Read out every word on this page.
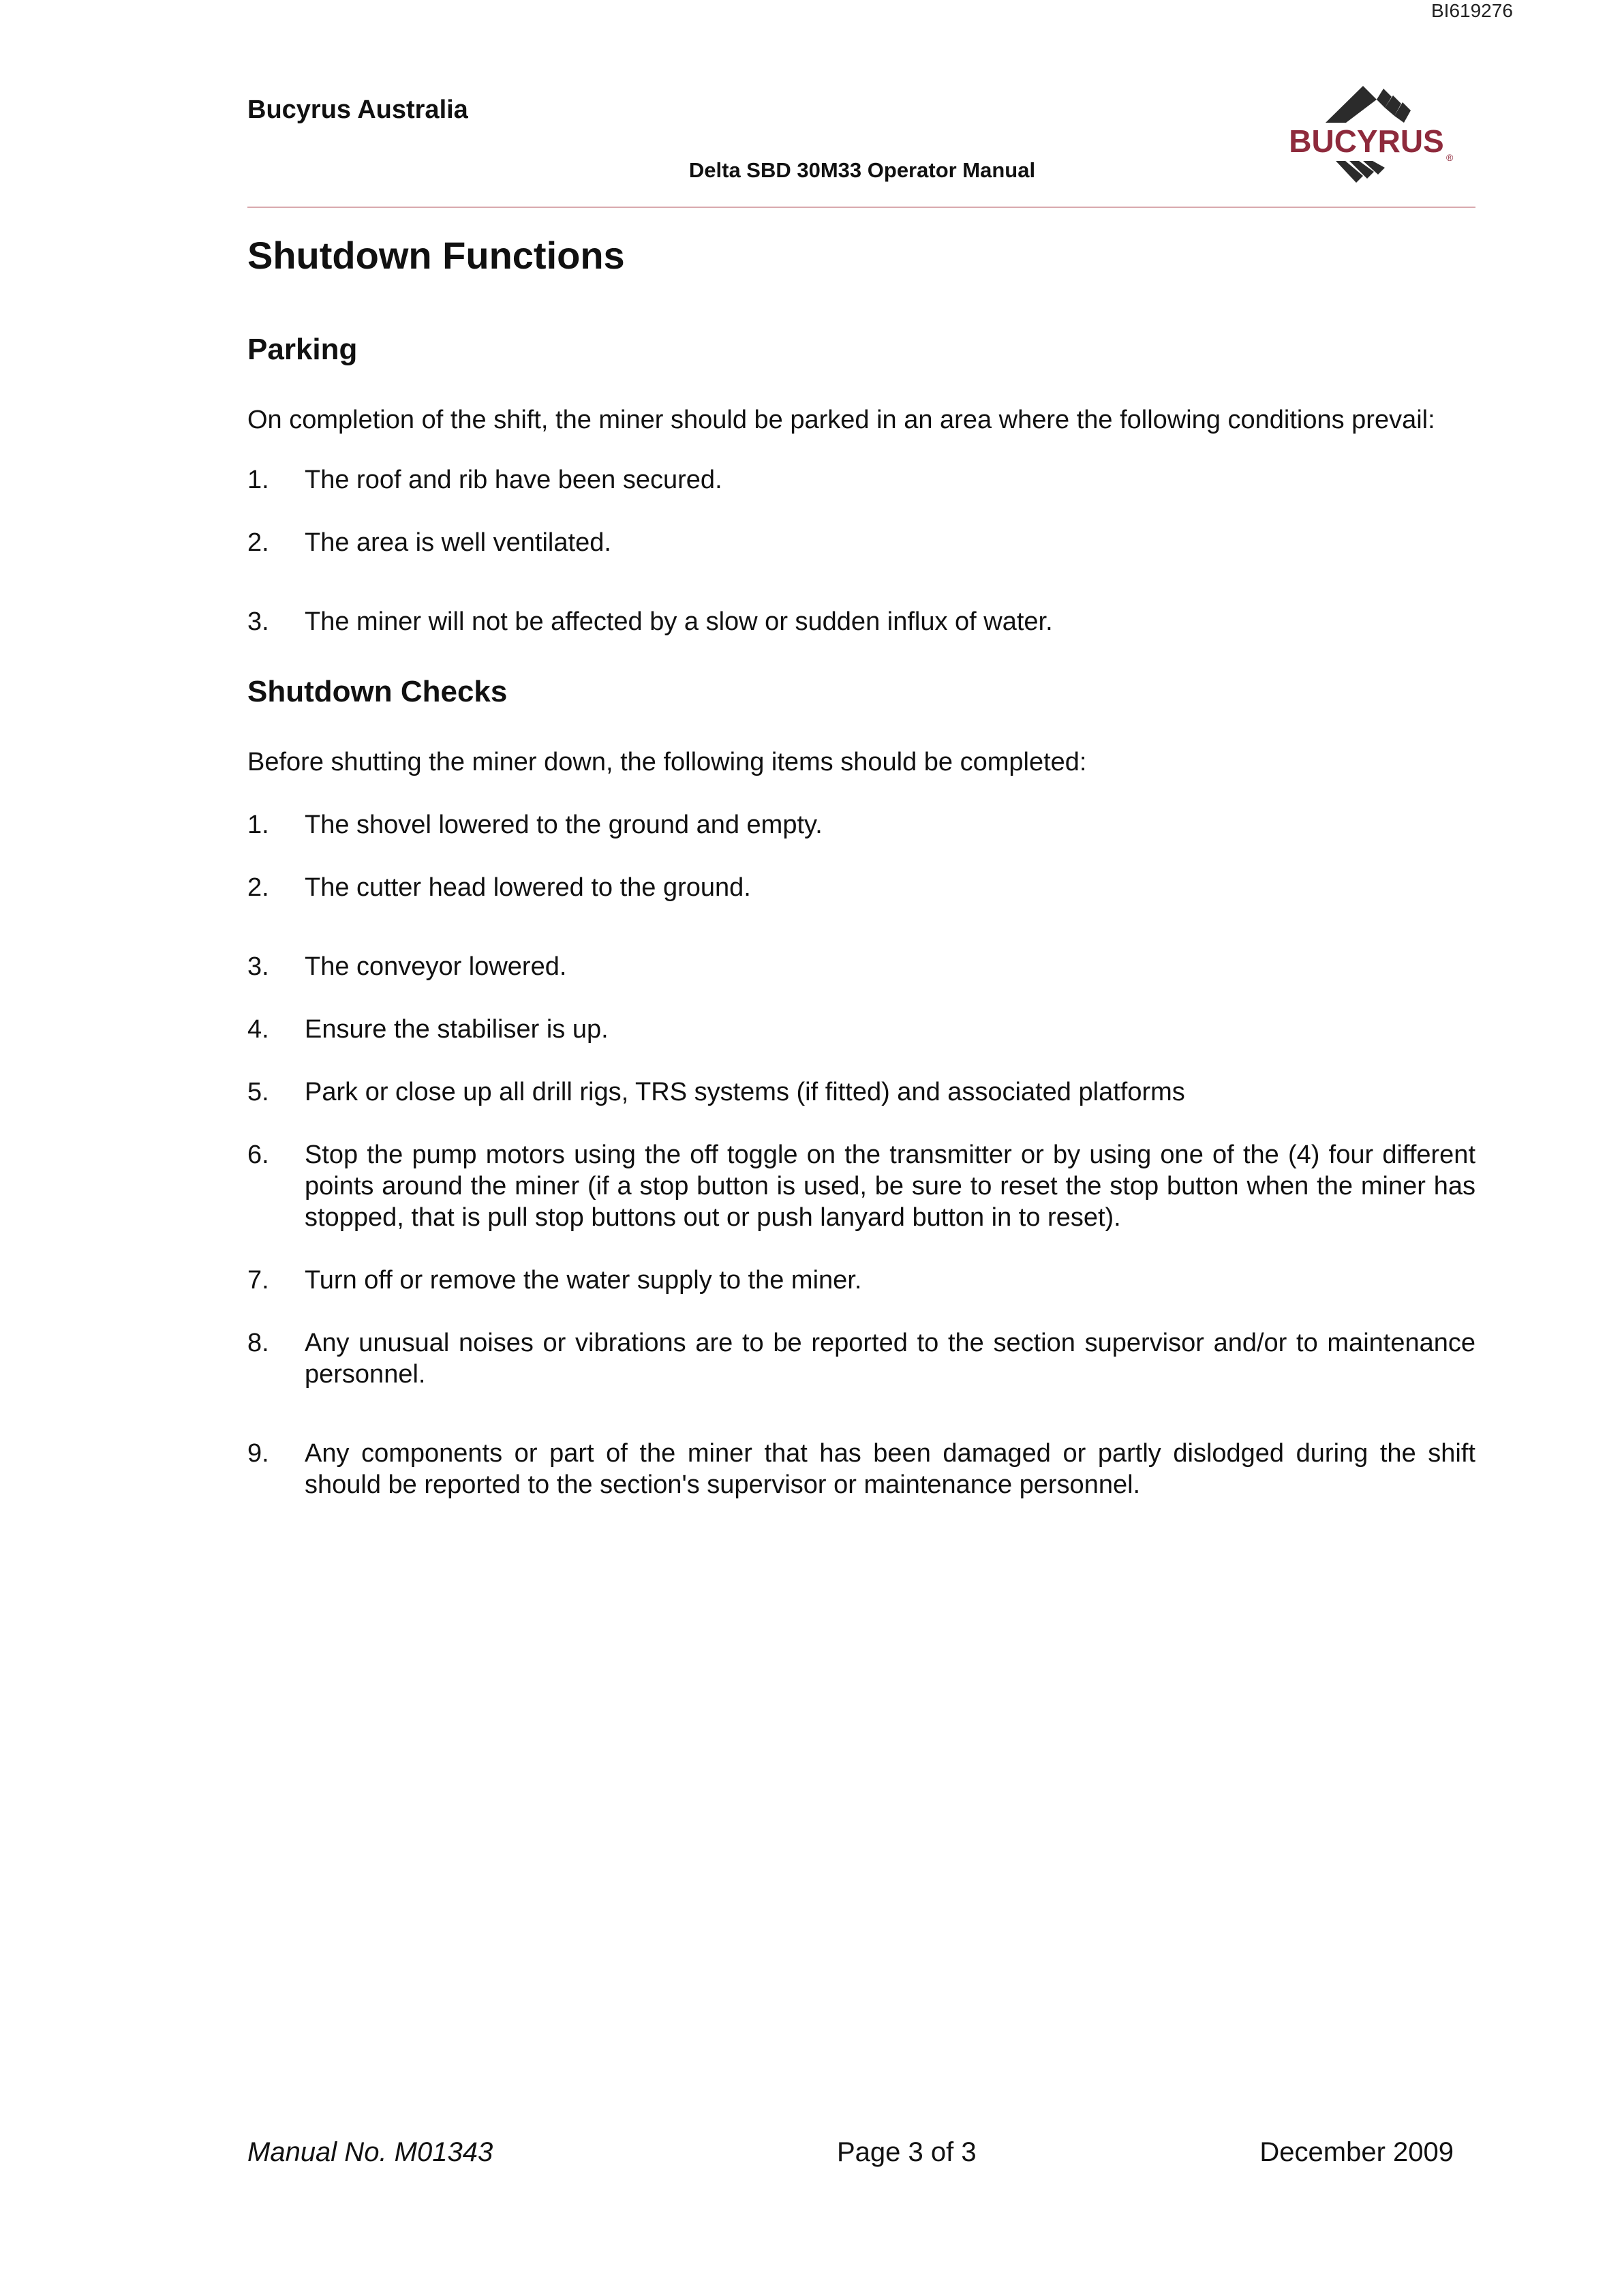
BI619276
Bucyrus Australia
Delta SBD 30M33 Operator Manual
BUCYRUS ®
Shutdown Functions
Parking

On completion of the shift, the miner should be parked in an area where the following conditions prevail:

1.	The roof and rib have been secured.
2.	The area is well ventilated.
3.	The miner will not be affected by a slow or sudden influx of water.
Shutdown Checks

Before shutting the miner down, the following items should be completed:

1.	The shovel lowered to the ground and empty.
2.	The cutter head lowered to the ground.
3.	The conveyor lowered.
4.	Ensure the stabiliser is up.
5.	Park or close up all drill rigs, TRS systems (if fitted) and associated platforms
6.	Stop the pump motors using the off toggle on the transmitter or by using one of the (4) four different points around the miner (if a stop button is used, be sure to reset the stop button when the miner has stopped, that is pull stop buttons out or push lanyard button in to reset).
7.	Turn off or remove the water supply to the miner.
8.	Any unusual noises or vibrations are to be reported to the section supervisor and/or to maintenance personnel.
9.	Any components or part of the miner that has been damaged or partly dislodged during the shift should be reported to the section's supervisor or maintenance personnel.
Manual No. M01343	Page 3 of 3	December 2009
